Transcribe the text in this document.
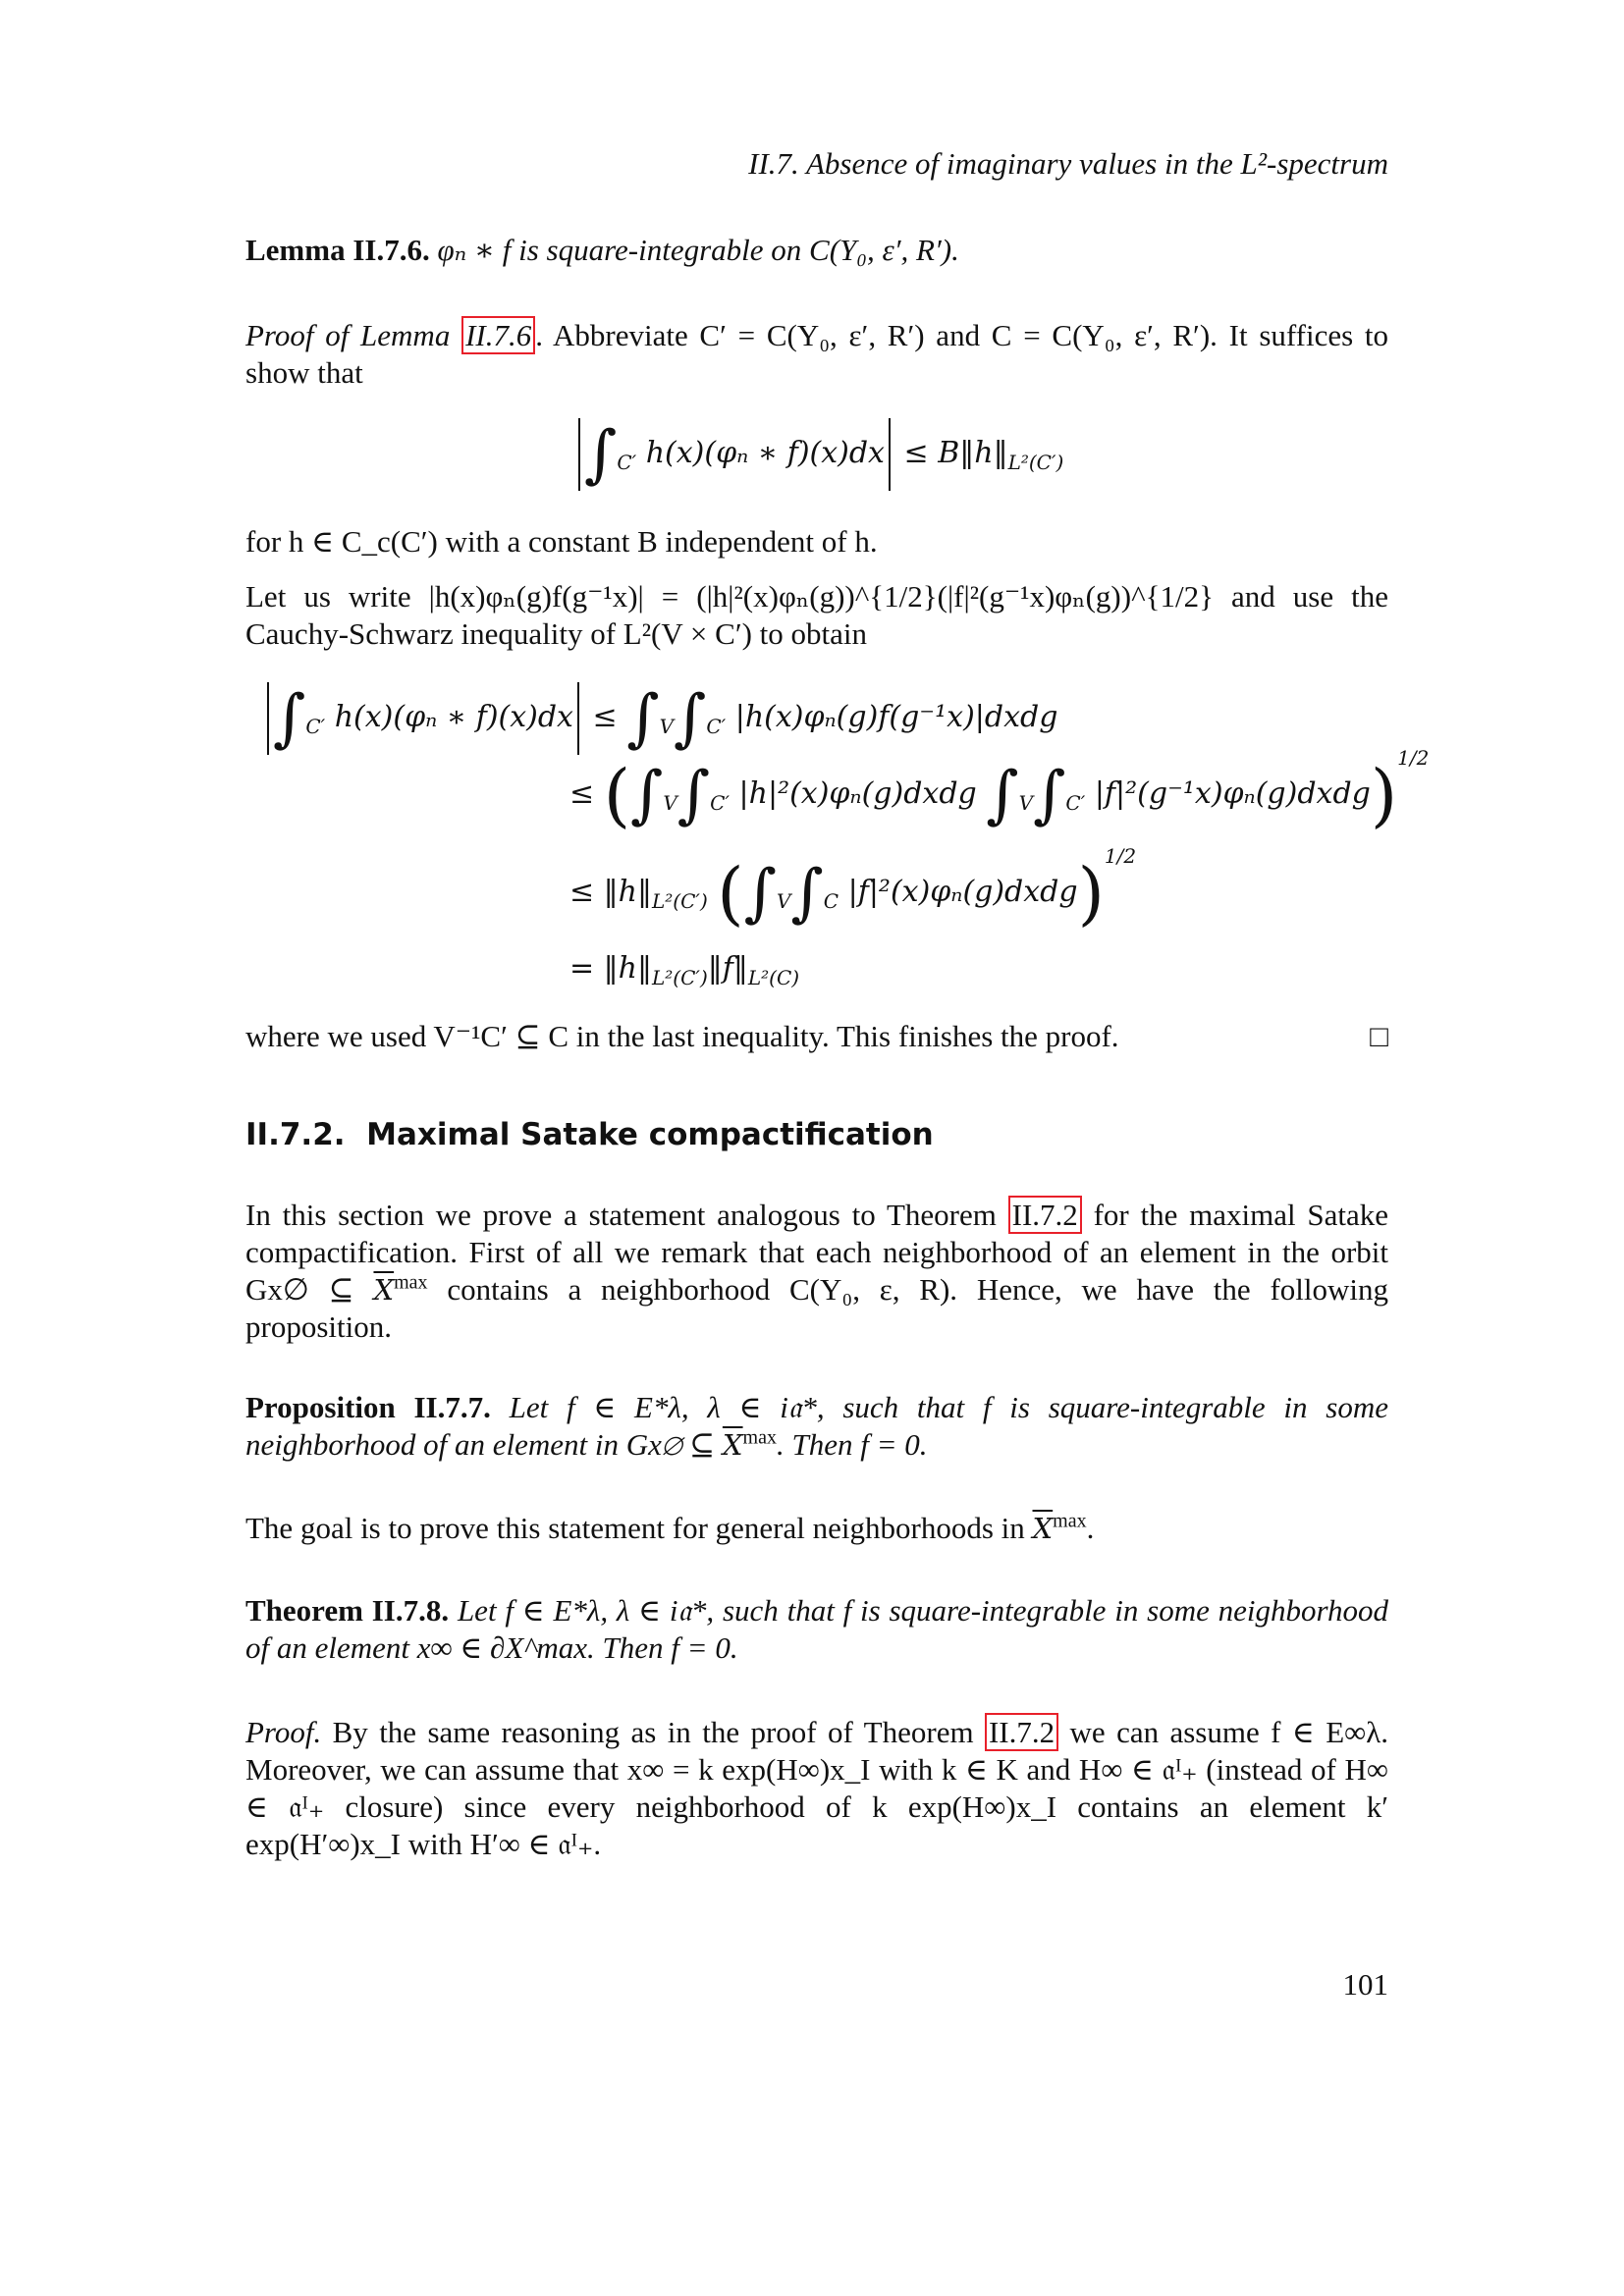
II.7. Absence of imaginary values in the L²-spectrum
Lemma II.7.6. φₙ ∗ f is square-integrable on C(Y₀, ε′, R′).
Proof of Lemma II.7.6 . Abbreviate C′ = C(Y₀, ε′, R′) and C = C(Y₀, ε′, R′). It suffices to show that
$\int_{C'}$ h(x)(φₙ ∗ $f)(x)dx \le B‖h‖_{L^2(C')}$
for h ∈ C_c(C′) with a constant B independent of h.
Let us write |h(x)φₙ(g)f(g⁻¹x)| = (|h|²(x)φₙ(g))^{1/2}(|f|²(g⁻¹x)φₙ(g))^{1/2} and use the Cauchy-Schwarz inequality of L²(V × C′) to obtain
$\int_{C'}$ h(x)(φₙ ∗ $f)(x)dx \le \int_V\int_{C'}$ |h(x)φₙ(g)f(g⁻¹x)|dxdg
≤ ($\int_V\int_{C'}$ |h|²(x)φₙ(g)dxdg $\int_V\int_{C'}$ |f|²(g⁻¹x)φₙ(g)dxdg)$^{1/2}$
≤ $‖h‖_{L^2(C')}$ ($\int_V\int_C$ |f|²(x)φₙ(g)dxdg)$^{1/2}$
= $‖h‖_{L^2(C')}‖f‖_{L^2(C)}$
where we used V⁻¹C′ ⊆ C in the last inequality. This finishes the proof.	□
II.7.2. Maximal Satake compactification
In this section we prove a statement analogous to Theorem II.7.2 for the maximal Satake compactification. First of all we remark that each neighborhood of an element in the orbit Gx∅ ⊆ $\overline{X}^{max}$ contains a neighborhood C(Y₀, ε, R). Hence, we have the following proposition.
Proposition II.7.7. Let f ∈ E*λ, λ ∈ i𝔞*, such that f is square-integrable in some neighborhood of an element in Gx∅ ⊆ $\overline{X}^{max}$. Then f = 0.
The goal is to prove this statement for general neighborhoods in $\overline{X}^{max}$.
Theorem II.7.8. Let f ∈ E*λ, λ ∈ i𝔞*, such that f is square-integrable in some neighborhood of an element x∞ ∈ ∂X^max. Then f = 0.
Proof. By the same reasoning as in the proof of Theorem II.7.2 we can assume f ∈ E∞λ. Moreover, we can assume that x∞ = k exp(H∞)x_I with k ∈ K and H∞ ∈ 𝔞ᴵ₊ (instead of H∞ ∈ 𝔞ᴵ₊ closure) since every neighborhood of k exp(H∞)x_I contains an element k′ exp(H′∞)x_I with H′∞ ∈ 𝔞ᴵ₊.
101
